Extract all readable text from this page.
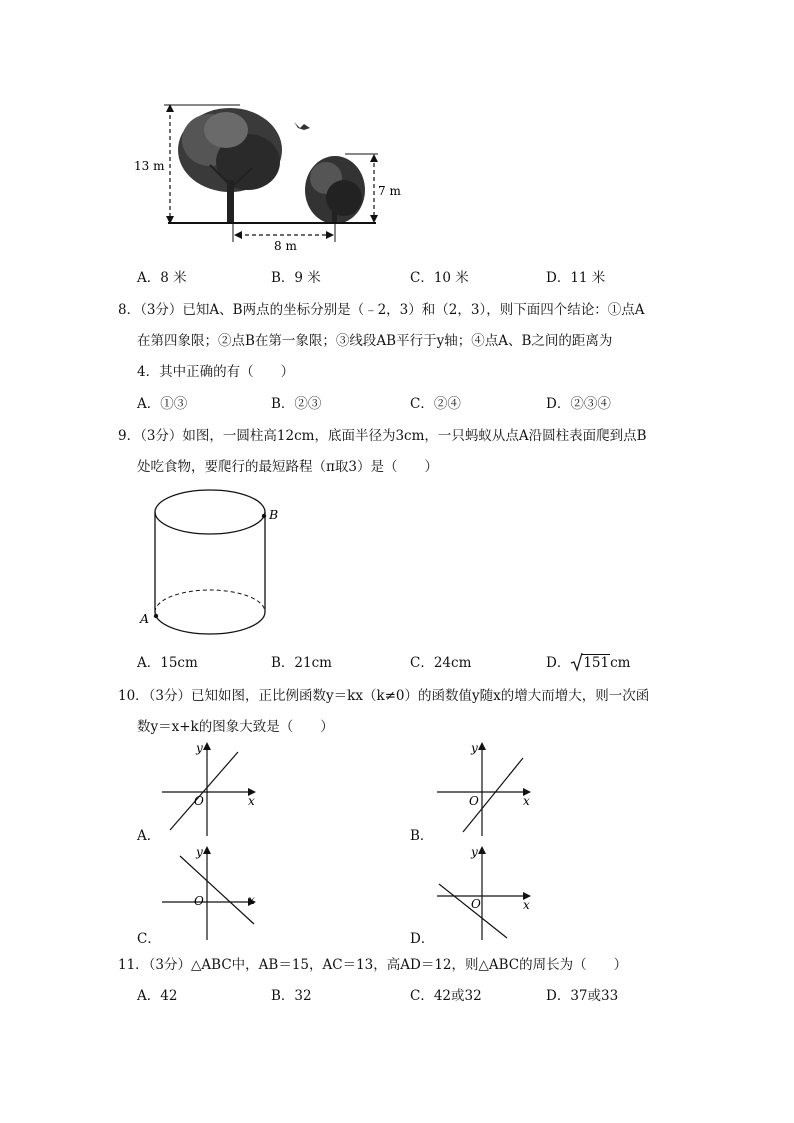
13 m
7 m
8 m
A．8 米	B．9 米	C．10 米	D．11 米
8．（3分）已知A、B两点的坐标分别是（﹣2，3）和（2，3），则下面四个结论：①点A
在第四象限；②点B在第一象限；③线段AB平行于y轴；④点A、B之间的距离为
4．其中正确的有（　　）
A．①③	B．②③	C．②④	D．②③④
9．（3分）如图，一圆柱高12cm，底面半径为3cm，一只蚂蚁从点A沿圆柱表面爬到点B
处吃食物，要爬行的最短路程（π取3）是（　　）
B
A
A．15cm	B．21cm	C．24cm	D． 151cm
10．（3分）已知如图，正比例函数y＝kx（k≠0）的函数值y随x的增大而增大，则一次函
数y＝x+k的图象大致是（　　）
x
y
O
A．
x
y
O
B．
x
y
O
C．
x
y
O
D．
11．（3分）△ABC中，AB＝15，AC＝13，高AD＝12，则△ABC的周长为（　　）
A．42	B．32	C．42或32	D．37或33
